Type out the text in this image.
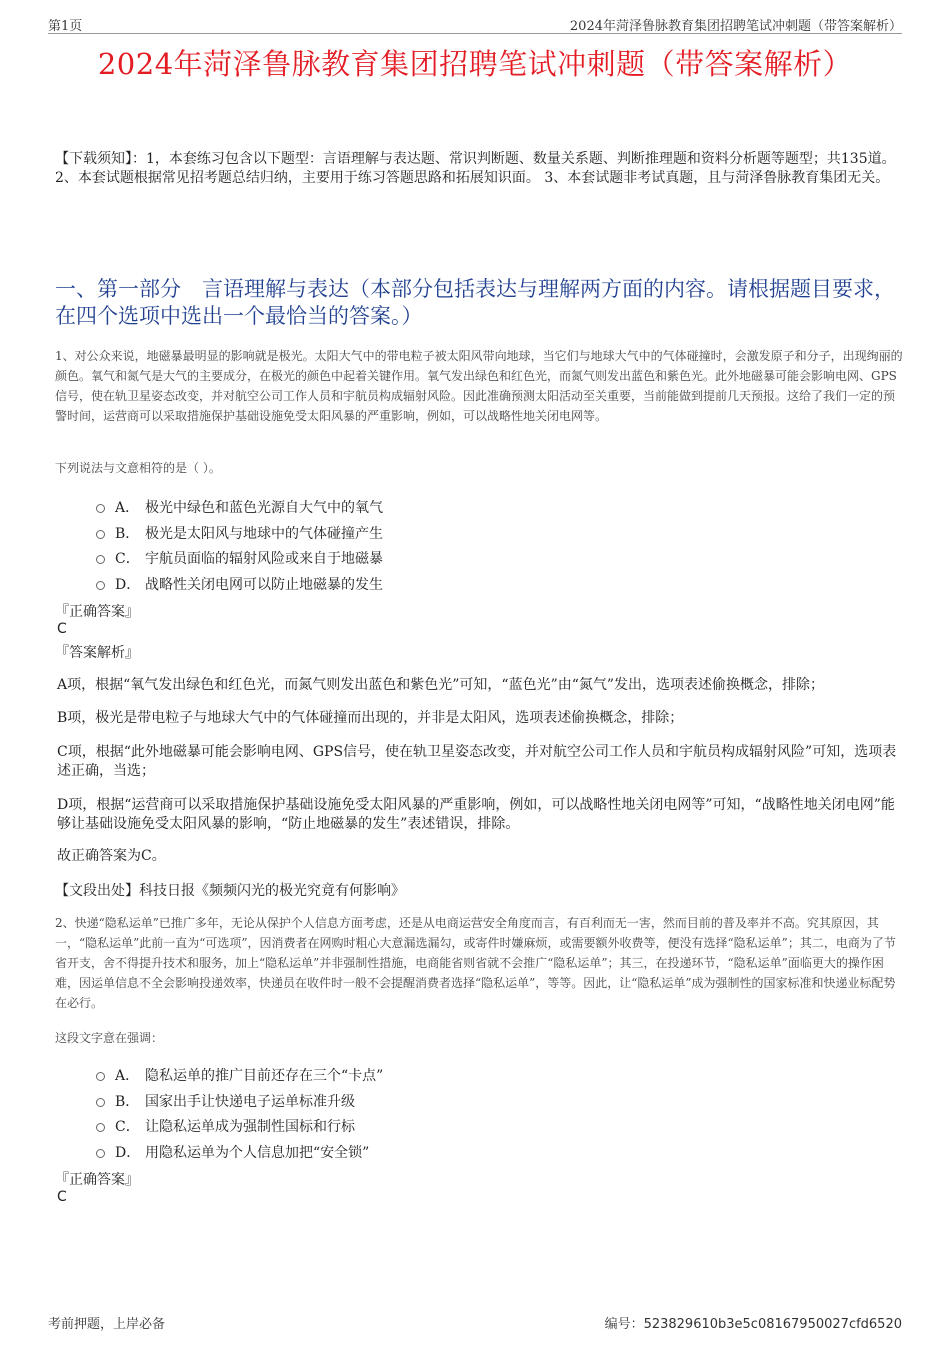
第1页	2024年菏泽鲁脉教育集团招聘笔试冲刺题（带答案解析）
2024年菏泽鲁脉教育集团招聘笔试冲刺题（带答案解析）
【下载须知】：1，本套练习包含以下题型：言语理解与表达题、常识判断题、数量关系题、判断推理题和资料分析题等题型；共135道。 2、本套试题根据常见招考题总结归纳，主要用于练习答题思路和拓展知识面。 3、本套试题非考试真题，且与菏泽鲁脉教育集团无关。
一、第一部分　言语理解与表达（本部分包括表达与理解两方面的内容。请根据题目要求，在四个选项中选出一个最恰当的答案。）
1、对公众来说，地磁暴最明显的影响就是极光。太阳大气中的带电粒子被太阳风带向地球，当它们与地球大气中的气体碰撞时，会激发原子和分子，出现绚丽的颜色。氧气和氮气是大气的主要成分，在极光的颜色中起着关键作用。氧气发出绿色和红色光，而氮气则发出蓝色和紫色光。此外地磁暴可能会影响电网、GPS信号，使在轨卫星姿态改变，并对航空公司工作人员和宇航员构成辐射风险。因此准确预测太阳活动至关重要，当前能做到提前几天预报。这给了我们一定的预警时间，运营商可以采取措施保护基础设施免受太阳风暴的严重影响，例如，可以战略性地关闭电网等。
下列说法与文意相符的是（ ）。
A． 极光中绿色和蓝色光源自大气中的氧气
B． 极光是太阳风与地球中的气体碰撞产生
C． 宇航员面临的辐射风险或来自于地磁暴
D． 战略性关闭电网可以防止地磁暴的发生
『正确答案』
C
『答案解析』
A项，根据“氧气发出绿色和红色光，而氮气则发出蓝色和紫色光”可知，“蓝色光”由“氮气”发出，选项表述偷换概念，排除；
B项，极光是带电粒子与地球大气中的气体碰撞而出现的，并非是太阳风，选项表述偷换概念，排除；
C项，根据“此外地磁暴可能会影响电网、GPS信号，使在轨卫星姿态改变，并对航空公司工作人员和宇航员构成辐射风险”可知，选项表述正确，当选；
D项，根据“运营商可以采取措施保护基础设施免受太阳风暴的严重影响，例如，可以战略性地关闭电网等”可知，“战略性地关闭电网”能够让基础设施免受太阳风暴的影响，“防止地磁暴的发生”表述错误，排除。
故正确答案为C。
【文段出处】科技日报《频频闪光的极光究竟有何影响》
2、快递“隐私运单”已推广多年，无论从保护个人信息方面考虑，还是从电商运营安全角度而言，有百利而无一害，然而目前的普及率并不高。究其原因，其一，“隐私运单”此前一直为“可选项”，因消费者在网购时粗心大意漏选漏勾，或寄件时嫌麻烦，或需要额外收费等，便没有选择“隐私运单”；其二，电商为了节省开支，舍不得提升技术和服务，加上“隐私运单”并非强制性措施，电商能省则省就不会推广“隐私运单”；其三，在投递环节，“隐私运单”面临更大的操作困难，因运单信息不全会影响投递效率，快递员在收件时一般不会提醒消费者选择“隐私运单”，等等。因此，让“隐私运单”成为强制性的国家标准和快递业标配势在必行。
这段文字意在强调：
A． 隐私运单的推广目前还存在三个“卡点”
B． 国家出手让快递电子运单标准升级
C． 让隐私运单成为强制性国标和行标
D． 用隐私运单为个人信息加把“安全锁”
『正确答案』
C
考前押题，上岸必备	编号：523829610b3e5c08167950027cfd6520
